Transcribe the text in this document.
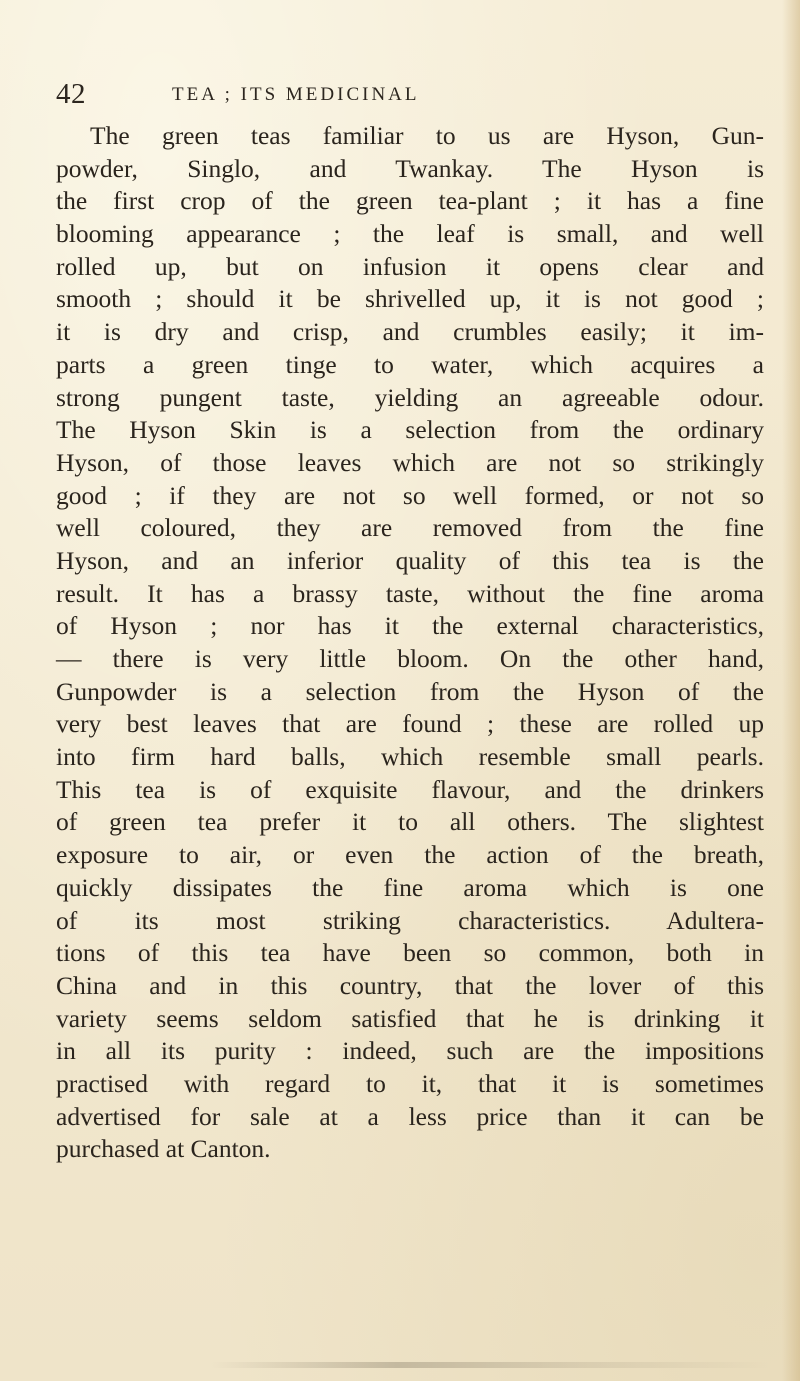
42	TEA ; ITS MEDICINAL
The green teas familiar to us are Hyson, Gun-
powder, Singlo, and Twankay. The Hyson is
the first crop of the green tea-plant ; it has a fine
blooming appearance ; the leaf is small, and well
rolled up, but on infusion it opens clear and
smooth ; should it be shrivelled up, it is not good ;
it is dry and crisp, and crumbles easily; it im-
parts a green tinge to water, which acquires a
strong pungent taste, yielding an agreeable odour.
The Hyson Skin is a selection from the ordinary
Hyson, of those leaves which are not so strikingly
good ; if they are not so well formed, or not so
well coloured, they are removed from the fine
Hyson, and an inferior quality of this tea is the
result. It has a brassy taste, without the fine aroma
of Hyson ; nor has it the external characteristics,
— there is very little bloom. On the other hand,
Gunpowder is a selection from the Hyson of the
very best leaves that are found ; these are rolled up
into firm hard balls, which resemble small pearls.
This tea is of exquisite flavour, and the drinkers
of green tea prefer it to all others. The slightest
exposure to air, or even the action of the breath,
quickly dissipates the fine aroma which is one
of its most striking characteristics. Adultera-
tions of this tea have been so common, both in
China and in this country, that the lover of this
variety seems seldom satisfied that he is drinking it
in all its purity : indeed, such are the impositions
practised with regard to it, that it is sometimes
advertised for sale at a less price than it can be
purchased at Canton.
